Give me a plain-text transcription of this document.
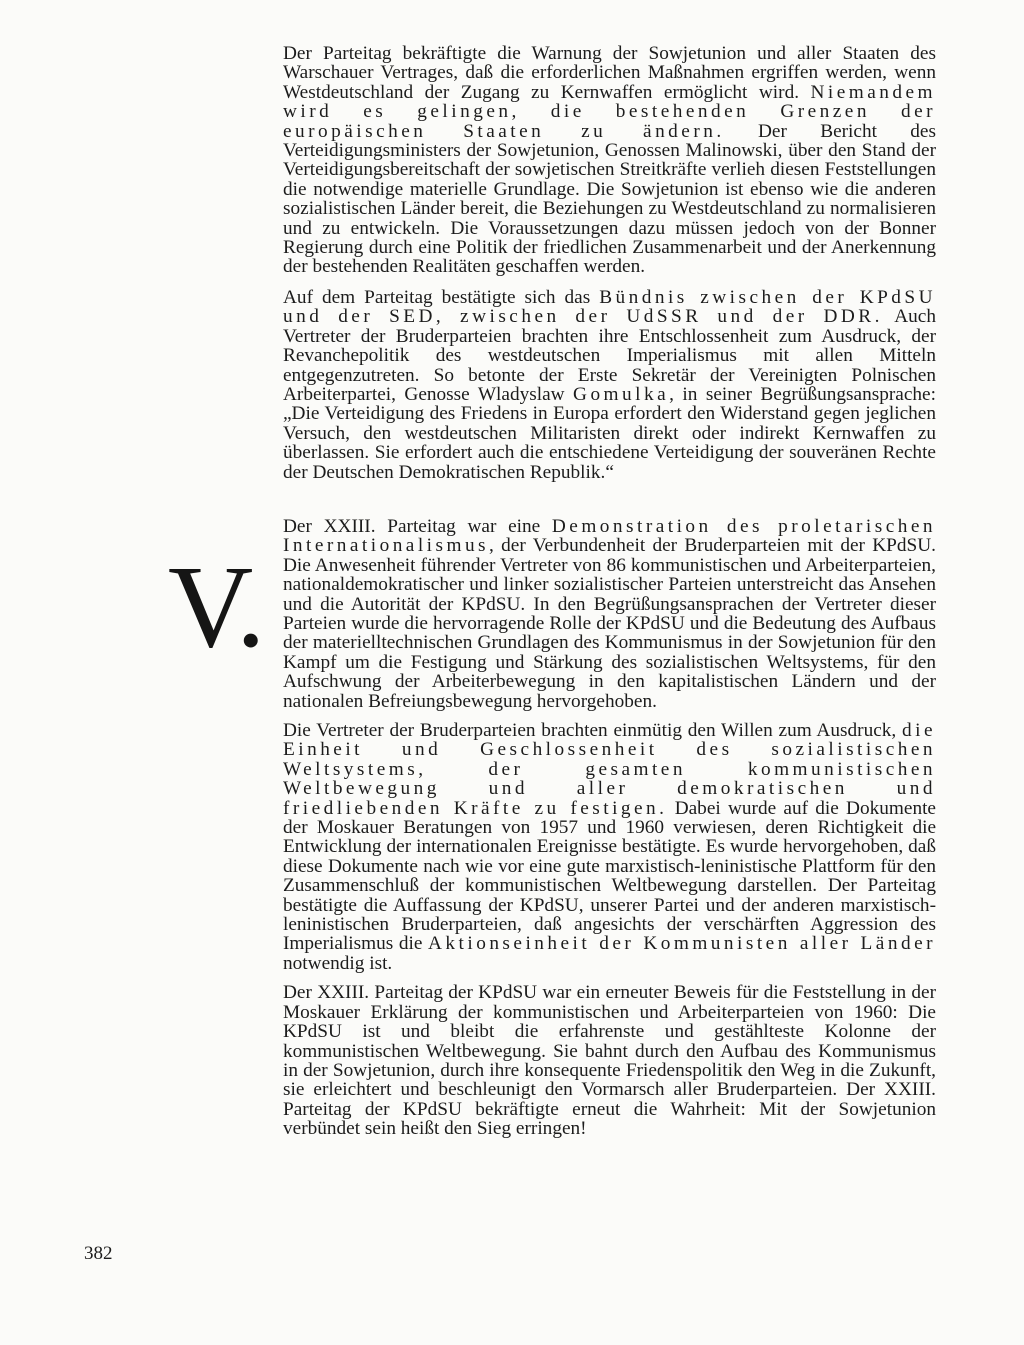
Der Parteitag bekräftigte die Warnung der Sowjetunion und aller Staaten des Warschauer Vertrages, daß die erforderlichen Maßnahmen ergriffen werden, wenn Westdeutschland der Zugang zu Kernwaffen ermöglicht wird. Niemandem wird es gelingen, die bestehenden Grenzen der europäischen Staaten zu ändern. Der Bericht des Verteidigungsministers der Sowjetunion, Genossen Malinowski, über den Stand der Verteidigungsbereitschaft der sowjetischen Streitkräfte verlieh diesen Feststellungen die notwendige materielle Grundlage. Die Sowjetunion ist ebenso wie die anderen sozialistischen Länder bereit, die Beziehungen zu Westdeutschland zu normalisieren und zu entwickeln. Die Voraussetzungen dazu müssen jedoch von der Bonner Regierung durch eine Politik der friedlichen Zusammenarbeit und der Anerkennung der bestehenden Realitäten geschaffen werden.

Auf dem Parteitag bestätigte sich das Bündnis zwischen der KPdSU und der SED, zwischen der UdSSR und der DDR. Auch Vertreter der Bruderparteien brachten ihre Entschlossenheit zum Ausdruck, der Revanchepolitik des westdeutschen Imperialismus mit allen Mitteln entgegenzutreten. So betonte der Erste Sekretär der Vereinigten Polnischen Arbeiterpartei, Genosse Wladyslaw Gomulka, in seiner Begrüßungsansprache: „Die Verteidigung des Friedens in Europa erfordert den Widerstand gegen jeglichen Versuch, den westdeutschen Militaristen direkt oder indirekt Kernwaffen zu überlassen. Sie erfordert auch die entschiedene Verteidigung der souveränen Rechte der Deutschen Demokratischen Republik.“

Der XXIII. Parteitag war eine Demonstration des proletarischen Internationalismus, der Verbundenheit der Bruderparteien mit der KPdSU. Die Anwesenheit führender Vertreter von 86 kommunistischen und Arbeiterparteien, nationaldemokratischer und linker sozialistischer Parteien unterstreicht das Ansehen und die Autorität der KPdSU. In den Begrüßungsansprachen der Vertreter dieser Parteien wurde die hervorragende Rolle der KPdSU und die Bedeutung des Aufbaus der materielltechnischen Grundlagen des Kommunismus in der Sowjetunion für den Kampf um die Festigung und Stärkung des sozialistischen Weltsystems, für den Aufschwung der Arbeiterbewegung in den kapitalistischen Ländern und der nationalen Befreiungsbewegung hervorgehoben.

Die Vertreter der Bruderparteien brachten einmütig den Willen zum Ausdruck, die Einheit und Geschlossenheit des sozialistischen Weltsystems, der gesamten kommunistischen Weltbewegung und aller demokratischen und friedliebenden Kräfte zu festigen. Dabei wurde auf die Dokumente der Moskauer Beratungen von 1957 und 1960 verwiesen, deren Richtigkeit die Entwicklung der internationalen Ereignisse bestätigte. Es wurde hervorgehoben, daß diese Dokumente nach wie vor eine gute marxistisch-leninistische Plattform für den Zusammenschluß der kommunistischen Weltbewegung darstellen. Der Parteitag bestätigte die Auffassung der KPdSU, unserer Partei und der anderen marxistisch-leninistischen Bruderparteien, daß angesichts der verschärften Aggression des Imperialismus die Aktionseinheit der Kommunisten aller Länder notwendig ist.

Der XXIII. Parteitag der KPdSU war ein erneuter Beweis für die Feststellung in der Moskauer Erklärung der kommunistischen und Arbeiterparteien von 1960: Die KPdSU ist und bleibt die erfahrenste und gestählteste Kolonne der kommunistischen Weltbewegung. Sie bahnt durch den Aufbau des Kommunismus in der Sowjetunion, durch ihre konsequente Friedenspolitik den Weg in die Zukunft, sie erleichtert und beschleunigt den Vormarsch aller Bruderparteien. Der XXIII. Parteitag der KPdSU bekräftigte erneut die Wahrheit: Mit der Sowjetunion verbündet sein heißt den Sieg erringen!

V.
382
